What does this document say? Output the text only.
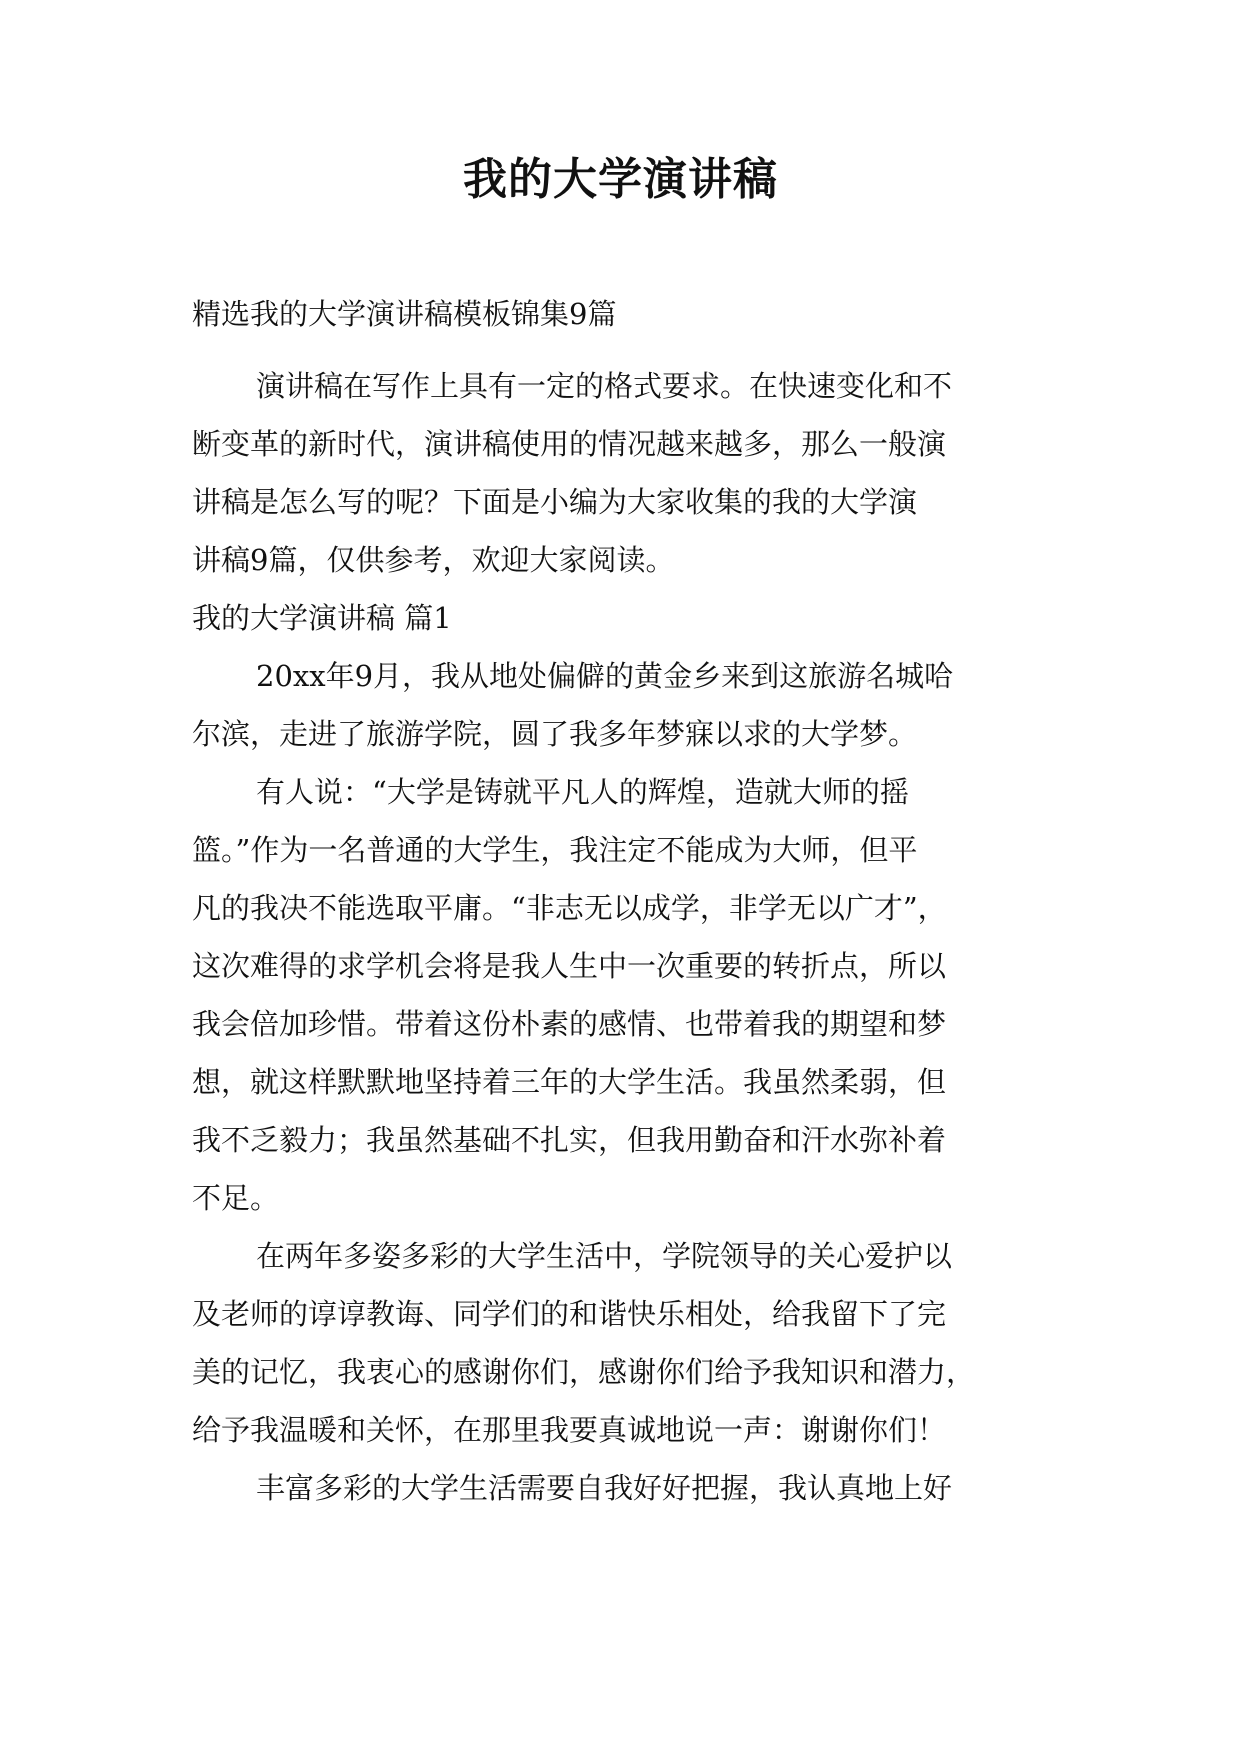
我的大学演讲稿
精选我的大学演讲稿模板锦集9篇
演讲稿在写作上具有一定的格式要求。在快速变化和不
断变革的新时代，演讲稿使用的情况越来越多，那么一般演
讲稿是怎么写的呢？下面是小编为大家收集的我的大学演
讲稿9篇，仅供参考，欢迎大家阅读。
我的大学演讲稿 篇1
20xx年9月，我从地处偏僻的黄金乡来到这旅游名城哈
尔滨，走进了旅游学院，圆了我多年梦寐以求的大学梦。
有人说：“大学是铸就平凡人的辉煌，造就大师的摇
篮。”作为一名普通的大学生，我注定不能成为大师，但平
凡的我决不能选取平庸。“非志无以成学，非学无以广才”，
这次难得的求学机会将是我人生中一次重要的转折点，所以
我会倍加珍惜。带着这份朴素的感情、也带着我的期望和梦
想，就这样默默地坚持着三年的大学生活。我虽然柔弱，但
我不乏毅力；我虽然基础不扎实，但我用勤奋和汗水弥补着
不足。
在两年多姿多彩的大学生活中，学院领导的关心爱护以
及老师的谆谆教诲、同学们的和谐快乐相处，给我留下了完
美的记忆，我衷心的感谢你们，感谢你们给予我知识和潜力，
给予我温暖和关怀，在那里我要真诚地说一声：谢谢你们！
丰富多彩的大学生活需要自我好好把握，我认真地上好
